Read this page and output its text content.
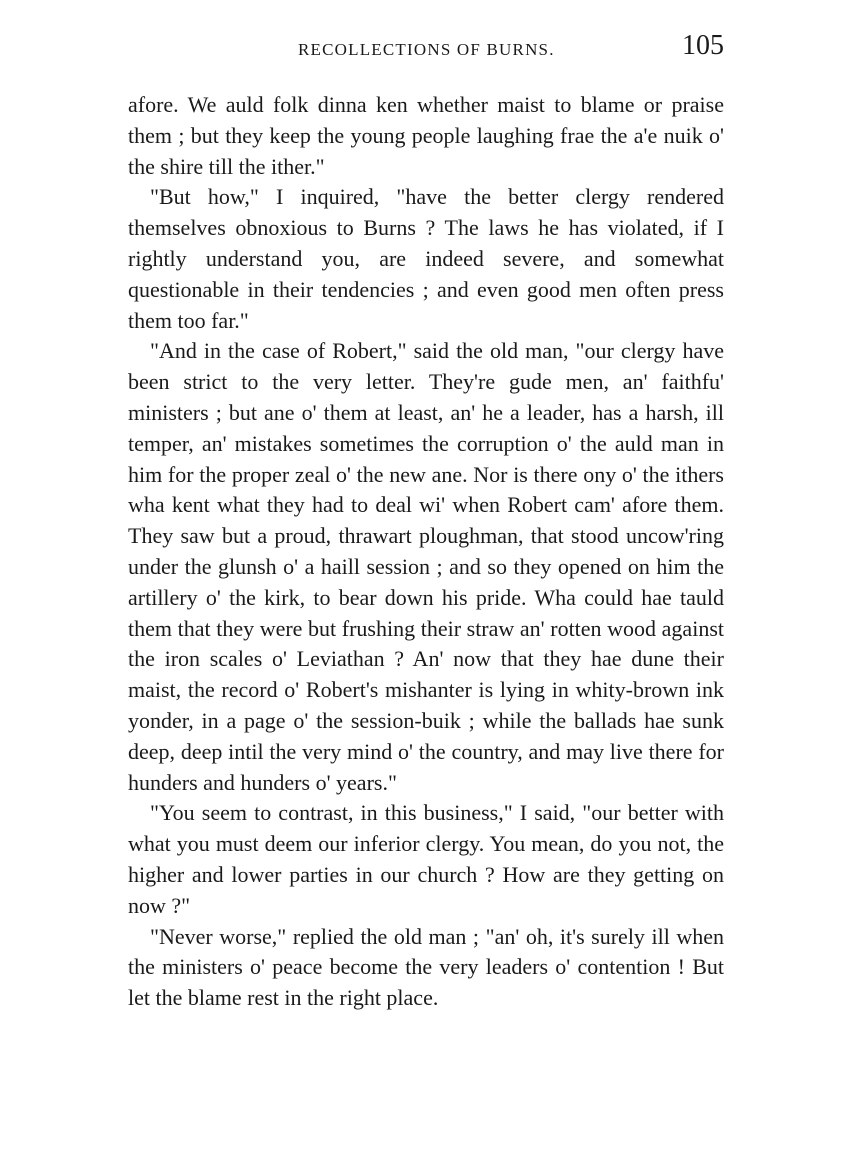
RECOLLECTIONS OF BURNS.	105

afore. We auld folk dinna ken whether maist to blame or praise them ; but they keep the young people laughing frae the a'e nuik o' the shire till the ither."

"But how," I inquired, "have the better clergy rendered themselves obnoxious to Burns ? The laws he has violated, if I rightly understand you, are indeed severe, and somewhat questionable in their tendencies ; and even good men often press them too far."

"And in the case of Robert," said the old man, "our clergy have been strict to the very letter. They're gude men, an' faithfu' ministers ; but ane o' them at least, an' he a leader, has a harsh, ill temper, an' mistakes sometimes the corruption o' the auld man in him for the proper zeal o' the new ane. Nor is there ony o' the ithers wha kent what they had to deal wi' when Robert cam' afore them. They saw but a proud, thrawart ploughman, that stood uncow'ring under the glunsh o' a haill session ; and so they opened on him the artillery o' the kirk, to bear down his pride. Wha could hae tauld them that they were but frushing their straw an' rotten wood against the iron scales o' Leviathan ? An' now that they hae dune their maist, the record o' Robert's mishanter is lying in whity-brown ink yonder, in a page o' the session-buik ; while the ballads hae sunk deep, deep intil the very mind o' the country, and may live there for hunders and hunders o' years."

"You seem to contrast, in this business," I said, "our better with what you must deem our inferior clergy. You mean, do you not, the higher and lower parties in our church ? How are they getting on now ?"

"Never worse," replied the old man ; "an' oh, it's surely ill when the ministers o' peace become the very leaders o' contention ! But let the blame rest in the right place.
